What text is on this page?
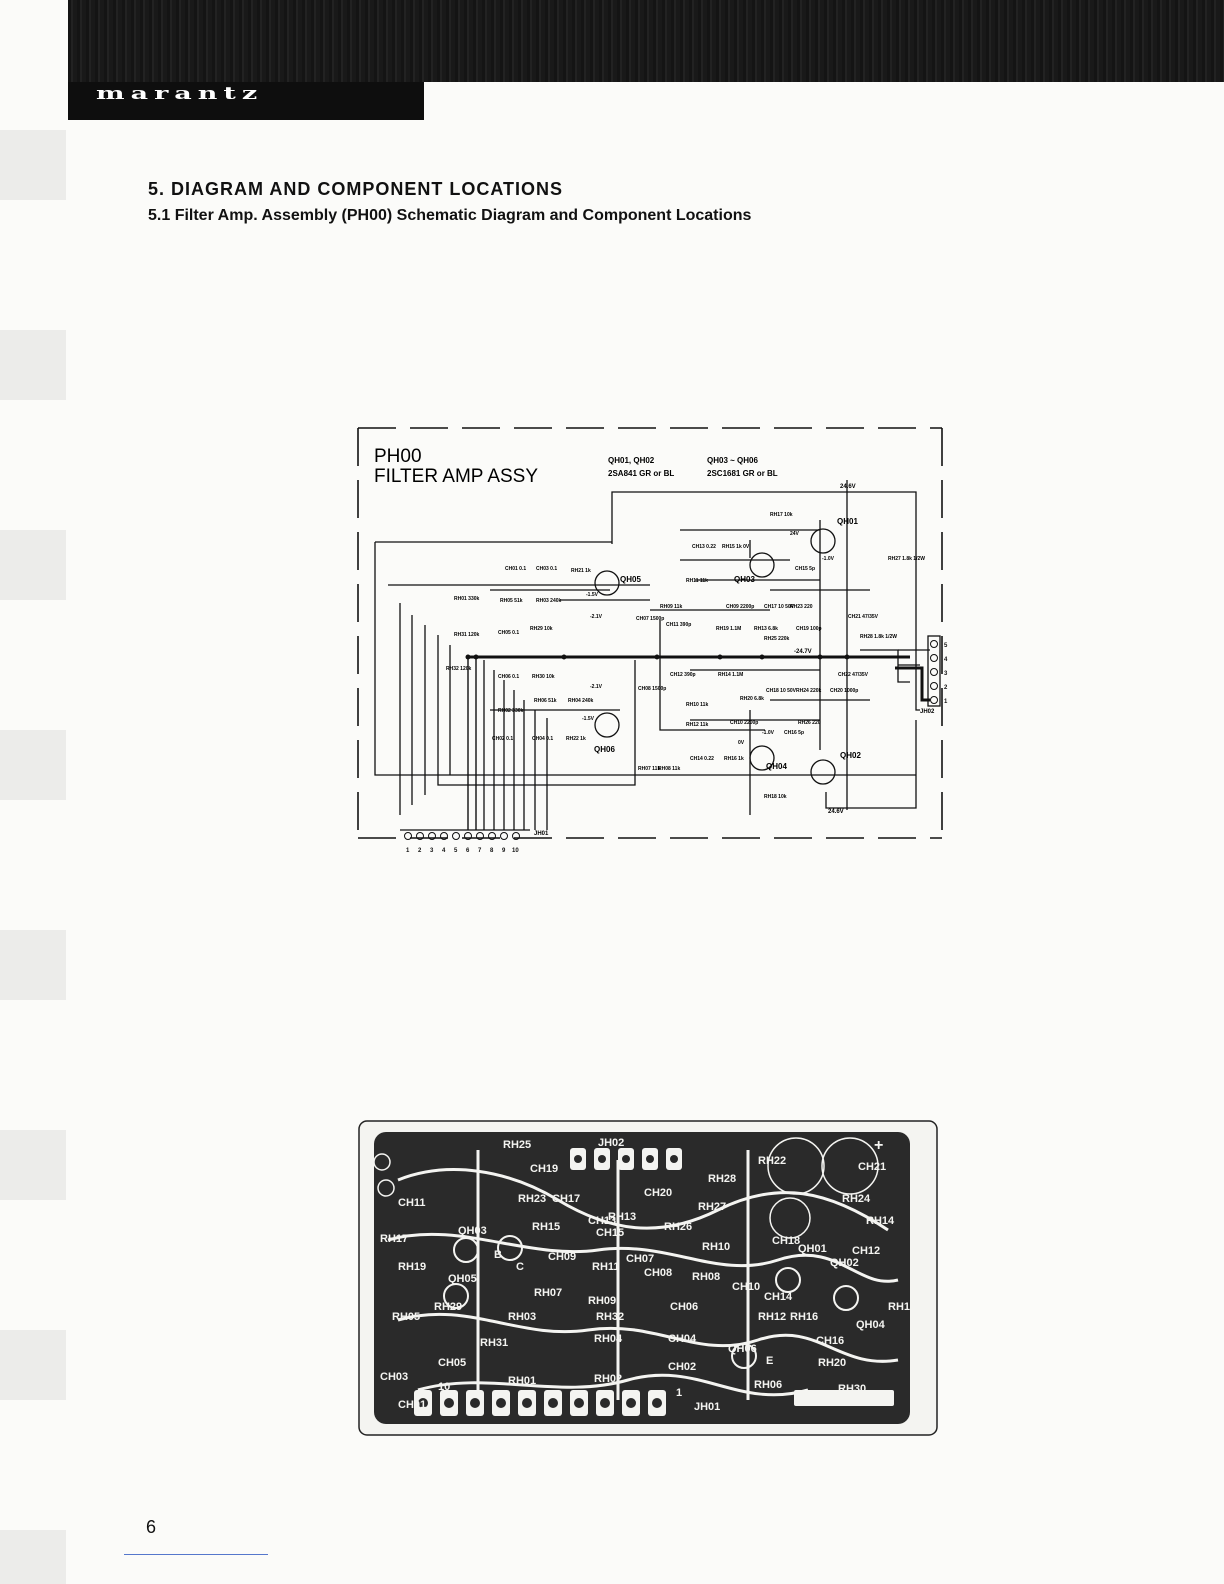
marantz
5. DIAGRAM AND COMPONENT LOCATIONS
5.1 Filter Amp. Assembly (PH00) Schematic Diagram and Component Locations
PH00
FILTER AMP ASSY
QH01, QH02
2SA841 GR or BL
QH03 ~ QH06
2SC1681 GR or BL
24.6V
24.6V
-24.7V
JH01
JH02
5
4
3
2
1
1 2 3 4 5 6 7 8 9 10
QH01
QH02
QH03
QH04
QH05
QH06
RH17 10k
24V
-1.0V
CH13 0.22 RH15 1k 0V
CH15 5p
RH27 1.8k 1/2W
CH01 0.1 CH03 0.1	RH21 1k
-1.5V
RH11 11k
RH01 330k	RH05 51k	RH03 240k
-2.1V
RH09 11k	CH09 2200p CH17 10 50V
RH23 220
CH21 47/35V
CH07 1500p
CH11 390p
RH19 1.1M	RH13 6.8k
RH25 220k
CH19 100p
RH28 1.8k 1/2W
RH31 120k	CH05 0.1
RH29 10k
RH32 120k
CH06 0.1	RH30 10k	CH12 390p	RH14 1.1M	CH22 47/35V
-2.1V	CH08 1500p
RH02 330k
RH06 51k RH04 240k
RH10 11k
RH20 6.8k
CH18 10 50V RH24 220k CH20 1000p
-1.5V
RH12 11k	CH10 2200p	RH26 220
CH02 0.1	CH04 0.1	RH22 1k
-1.0V CH16 5p
RH07 11k
RH08 11k
CH14 0.22 RH16 1k
0V
RH18 10k
RH25	JH02
CH19
RH23 CH17
RH28
RH22	CH21
CH11
RH15	CH13
CH20
RH27
RH24
RH14
RH13
RH26
RH17
RH19
CH09	CH07
CH15
RH10	CH18
CH12
RH11 CH08 RH08
QH01
QH02
RH09
RH29
RH05	RH03
RH07
RH32	RH12
CH06
CH10
RH16
RH18
CH14
RH31	RH04	CH04
QH04
CH16
CH03
CH05
QH06
CH01
RH01	RH02
CH02	RH20
RH06	RH30
JH01
QH05
QH03
10	1
B
C
E
+
6
